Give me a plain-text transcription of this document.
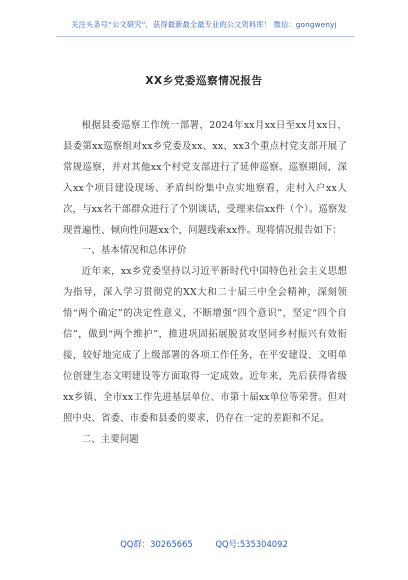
关注头条号“公文研究”，获得最新最全最专业的公文资料库！ 微信：gongwenyj
XX乡党委巡察情况报告

根据县委巡察工作统一部署，2024年xx月xx日至xx月xx日，县委第xx巡察组对xx乡党委及xx、xx、xx3个重点村党支部开展了常规巡察，并对其他xx个村党支部进行了延伸巡察。巡察期间，深入xx个项目建设现场、矛盾纠纷集中点实地察看，走村入户xx人次，与xx名干部群众进行了个别谈话，受理来信xx件（个）。巡察发现普遍性、倾向性问题xx个，问题线索xx件。现将情况报告如下：

一、基本情况和总体评价

近年来，xx乡党委坚持以习近平新时代中国特色社会主义思想为指导，深入学习贯彻党的XX大和二十届三中全会精神，深刻领悟“两个确定”的决定性意义，不断增强“四个意识”，坚定“四个自信”，做到“两个维护”，推进巩固拓展脱贫攻坚同乡村振兴有效衔接，较好地完成了上级部署的各项工作任务，在平安建设、文明单位创建生态文明建设等方面取得一定成效。近年来，先后获得省级xx乡镇、全市xx工作先进基层单位、市第十届xx单位等荣誉。但对照中央、省委、市委和县委的要求，仍存在一定的差距和不足。

二、主要问题

QQ群：30265665	QQ号:535304092
